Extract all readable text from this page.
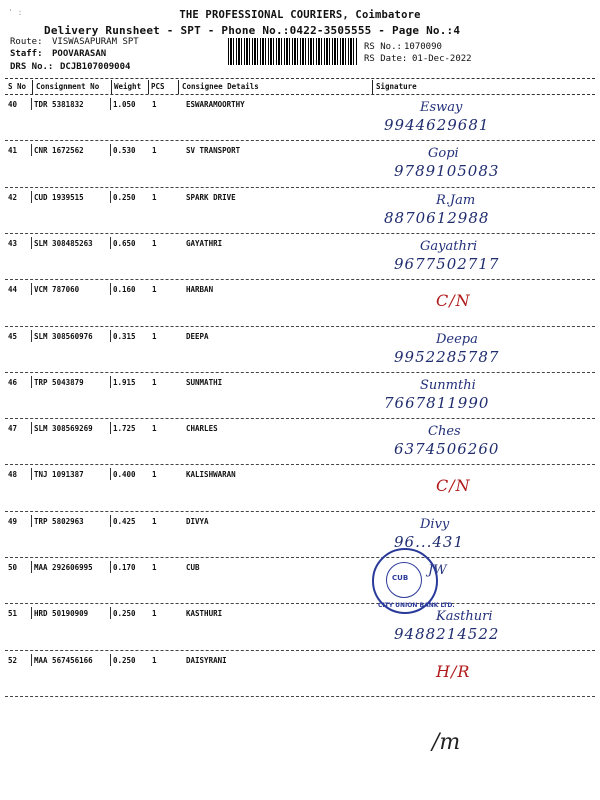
' :	THE PROFESSIONAL COURIERS, Coimbatore
Delivery Runsheet - SPT - Phone No.:0422-3505555 - Page No.:4
Route: VISWASAPURAM SPT
Staff: POOVARASAN
DRS No.: DCJB107009004
RS No.: 1070090
RS Date: 01-Dec-2022
S No Consignment No Weight PCS Consignee Details	Signature
40 TDR 5381832	1.050 1	ESWARAMOORTHY	Esway
9944629681
41 CNR 1672562	0.530 1	SV TRANSPORT	Gopi
9789105083
42 CUD 1939515	0.250 1	SPARK DRIVE	R.Jam
8870612988
43 SLM 308485263	0.650 1	GAYATHRI	Gayathri
9677502717
44 VCM 787060	0.160 1	HARBAN
C/N
45 SLM 308560976	0.315 1	DEEPA	Deepa
9952285787
46 TRP 5043879	1.915 1	SUNMATHI	Sunmthi
7667811990
47 SLM 308569269	1.725 1	CHARLES	Ches
6374506260
48 TNJ 1091387	0.400 1	KALISHWARAN
C/N
49 TRP 5802963	0.425 1	DIVYA	Divy
96...431
50 MAA 292606995	0.170 1	CUB	JW
51 HRD 50190909	0.250 1	KASTHURI	Kasthuri
9488214522
52 MAA 567456166	0.250 1	DAISYRANI
H/R
CUB
CITY UNION BANK LTD.
/m
